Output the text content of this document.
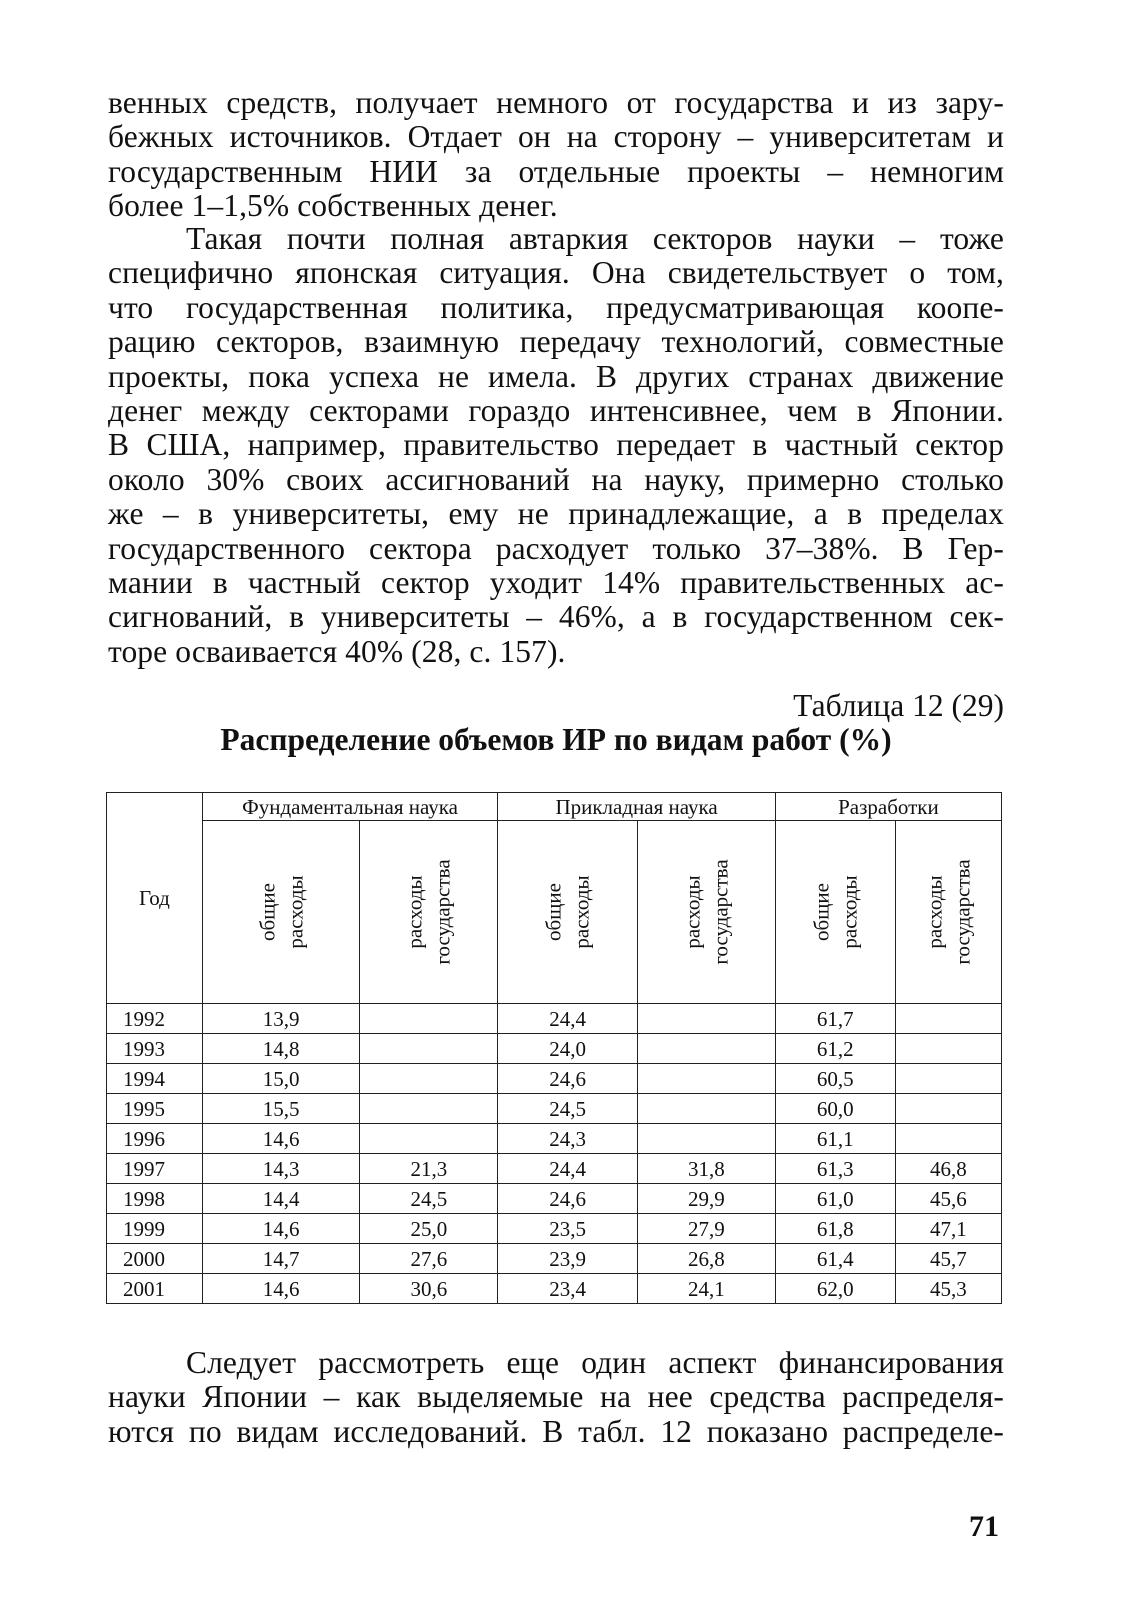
венных средств, получает немного от государства и из зару-
бежных источников. Отдает он на сторону – университетам и
государственным НИИ за отдельные проекты – немногим
более 1–1,5% собственных денег.

Такая почти полная автаркия секторов науки – тоже
специфично японская ситуация. Она свидетельствует о том,
что государственная политика, предусматривающая коопе-
рацию секторов, взаимную передачу технологий, совместные
проекты, пока успеха не имела. В других странах движение
денег между секторами гораздо интенсивнее, чем в Японии.
В США, например, правительство передает в частный сектор
около 30% своих ассигнований на науку, примерно столько
же – в университеты, ему не принадлежащие, а в пределах
государственного сектора расходует только 37–38%. В Гер-
мании в частный сектор уходит 14% правительственных ас-
сигнований, в университеты – 46%, а в государственном сек-
торе осваивается 40% (28, с. 157).

Таблица 12 (29)
Распределение объемов ИР по видам работ (%)
Год	Фундаментальная наука		Прикладная наука		Разработки	
	общие расходы	расходы государства	общие расходы	расходы государства	общие расходы	расходы государства
1992	13,9		24,4		61,7	
1993	14,8		24,0		61,2	
1994	15,0		24,6		60,5	
1995	15,5		24,5		60,0	
1996	14,6		24,3		61,1	
1997	14,3	21,3	24,4	31,8	61,3	46,8
1998	14,4	24,5	24,6	29,9	61,0	45,6
1999	14,6	25,0	23,5	27,9	61,8	47,1
2000	14,7	27,6	23,9	26,8	61,4	45,7
2001	14,6	30,6	23,4	24,1	62,0	45,3

Следует рассмотреть еще один аспект финансирования
науки Японии – как выделяемые на нее средства распределя-
ются по видам исследований. В табл. 12 показано распределе-

71
